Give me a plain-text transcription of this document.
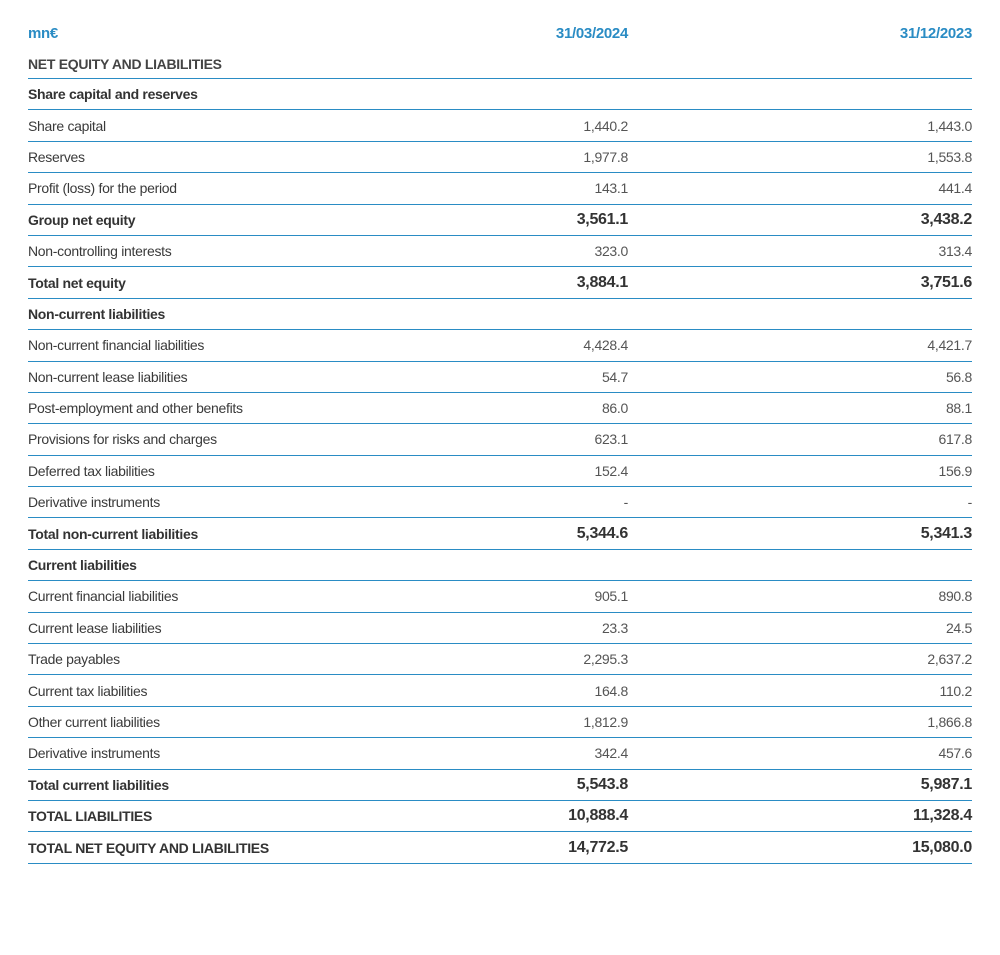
mn€	31/03/2024	31/12/2023
NET EQUITY AND LIABILITIES
Share capital and reserves
Share capital	1,440.2	1,443.0
Reserves	1,977.8	1,553.8
Profit (loss) for the period	143.1	441.4
Group net equity	3,561.1	3,438.2
Non-controlling interests	323.0	313.4
Total net equity	3,884.1	3,751.6
Non-current liabilities
Non-current financial liabilities	4,428.4	4,421.7
Non-current lease liabilities	54.7	56.8
Post-employment and other benefits	86.0	88.1
Provisions for risks and charges	623.1	617.8
Deferred tax liabilities	152.4	156.9
Derivative instruments	-	-
Total non-current liabilities	5,344.6	5,341.3
Current liabilities
Current financial liabilities	905.1	890.8
Current lease liabilities	23.3	24.5
Trade payables	2,295.3	2,637.2
Current tax liabilities	164.8	110.2
Other current liabilities	1,812.9	1,866.8
Derivative instruments	342.4	457.6
Total current liabilities	5,543.8	5,987.1
TOTAL LIABILITIES	10,888.4	11,328.4
TOTAL NET EQUITY AND LIABILITIES	14,772.5	15,080.0
